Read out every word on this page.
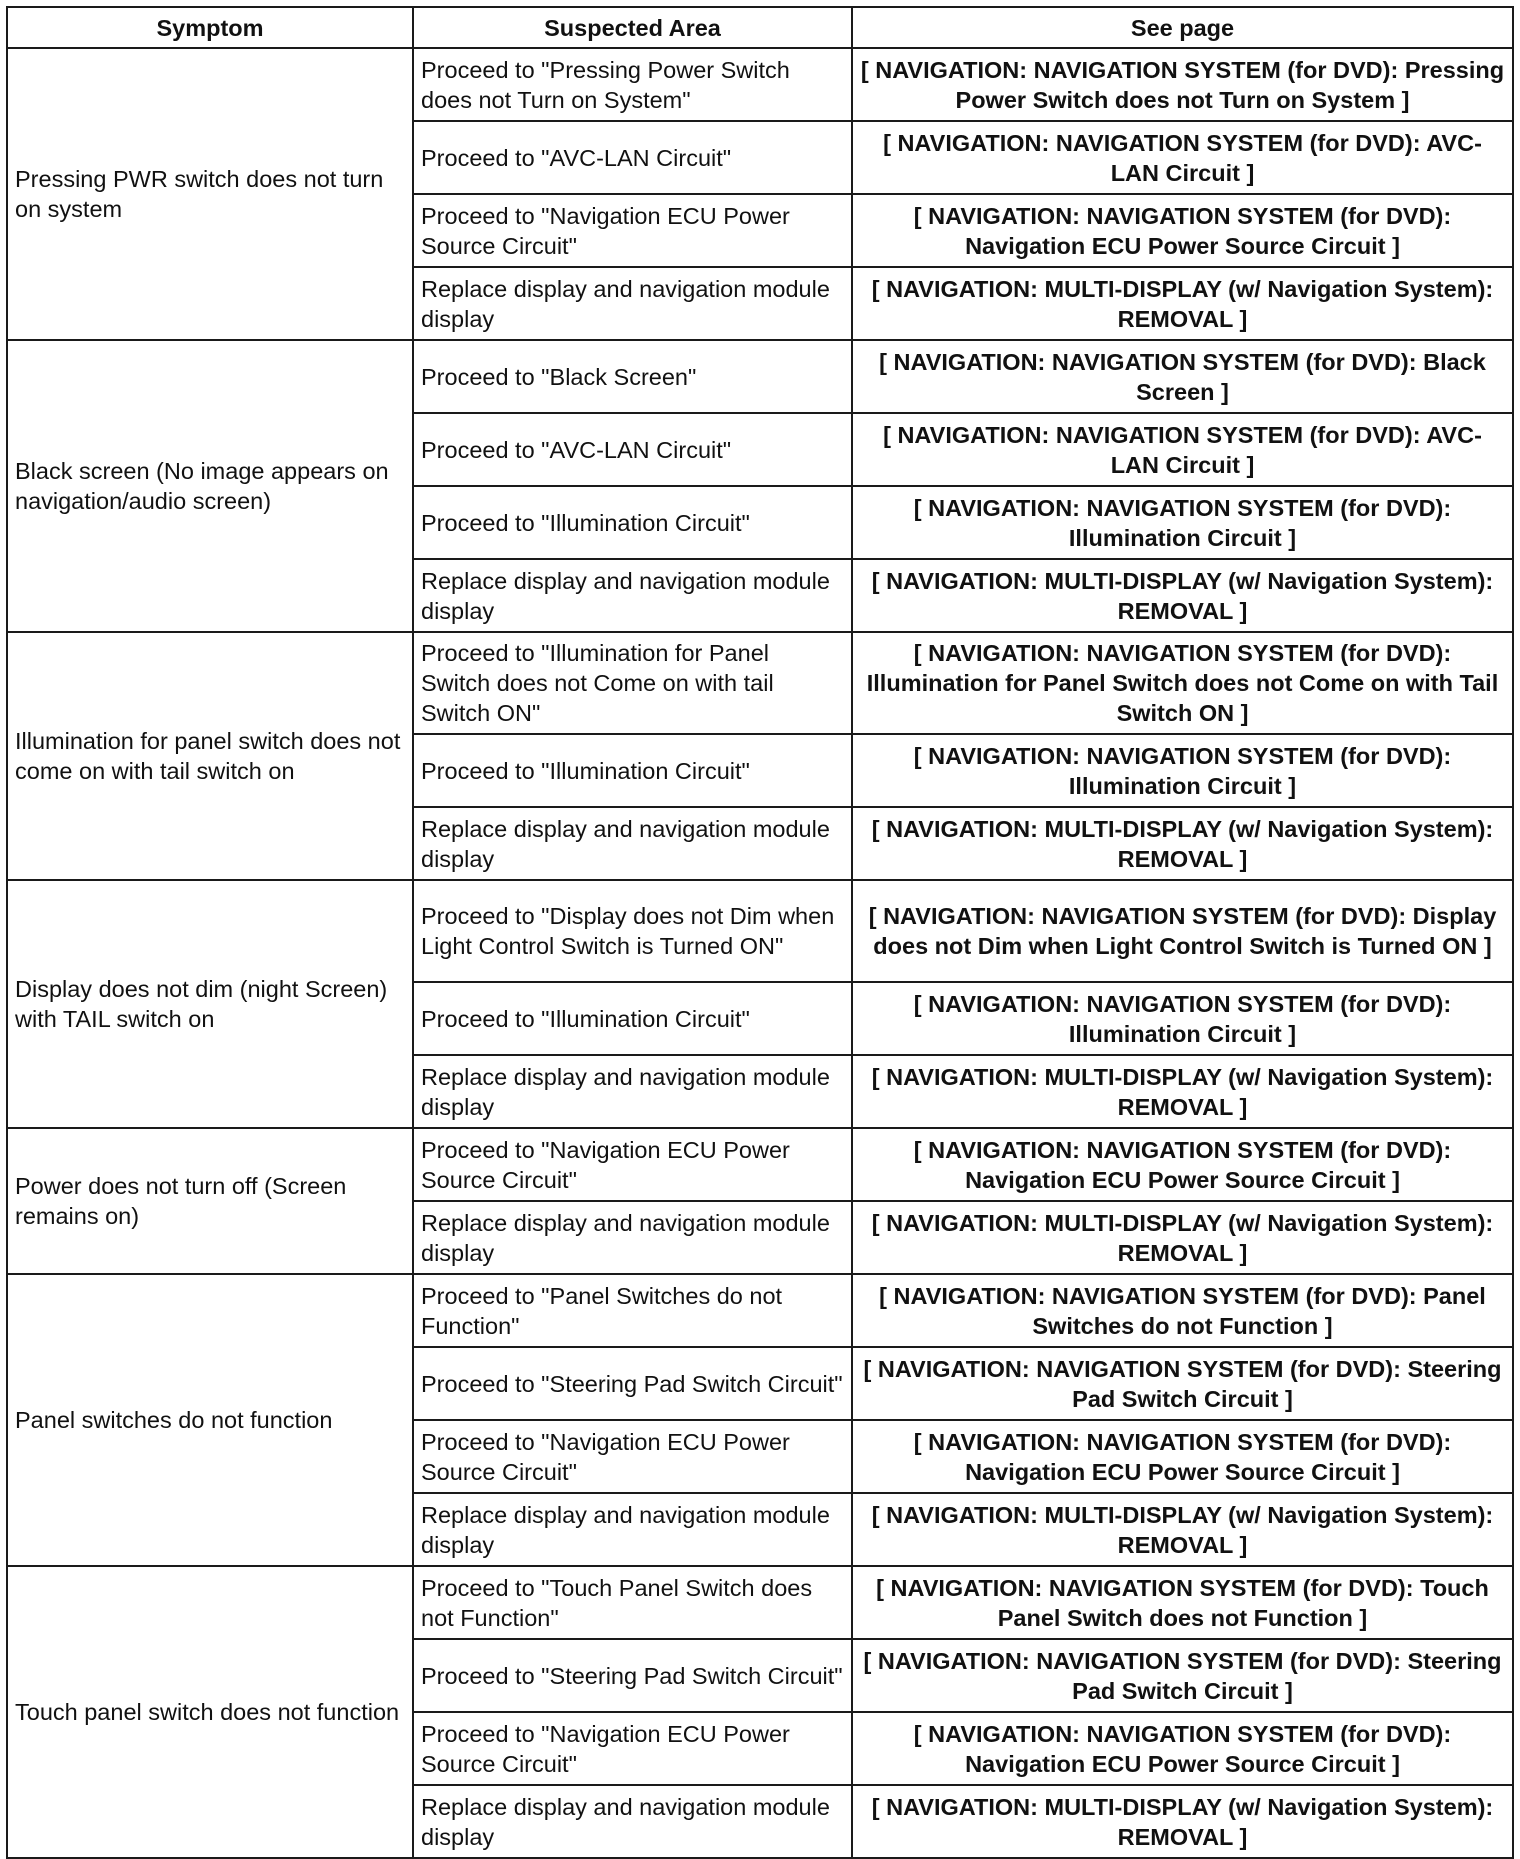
Symptom	Suspected Area	See page
Pressing PWR switch does not turn on system	Proceed to "Pressing Power Switch does not Turn on System"	[ NAVIGATION: NAVIGATION SYSTEM (for DVD): Pressing Power Switch does not Turn on System ]
	Proceed to "AVC-LAN Circuit"	[ NAVIGATION: NAVIGATION SYSTEM (for DVD): AVC-LAN Circuit ]
	Proceed to "Navigation ECU Power Source Circuit"	[ NAVIGATION: NAVIGATION SYSTEM (for DVD): Navigation ECU Power Source Circuit ]
	Replace display and navigation module display	[ NAVIGATION: MULTI-DISPLAY (w/ Navigation System): REMOVAL ]
Black screen (No image appears on navigation/audio screen)	Proceed to "Black Screen"	[ NAVIGATION: NAVIGATION SYSTEM (for DVD): Black Screen ]
	Proceed to "AVC-LAN Circuit"	[ NAVIGATION: NAVIGATION SYSTEM (for DVD): AVC-LAN Circuit ]
	Proceed to "Illumination Circuit"	[ NAVIGATION: NAVIGATION SYSTEM (for DVD): Illumination Circuit ]
	Replace display and navigation module display	[ NAVIGATION: MULTI-DISPLAY (w/ Navigation System): REMOVAL ]
Illumination for panel switch does not come on with tail switch on	Proceed to "Illumination for Panel Switch does not Come on with tail Switch ON"	[ NAVIGATION: NAVIGATION SYSTEM (for DVD): Illumination for Panel Switch does not Come on with Tail Switch ON ]
	Proceed to "Illumination Circuit"	[ NAVIGATION: NAVIGATION SYSTEM (for DVD): Illumination Circuit ]
	Replace display and navigation module display	[ NAVIGATION: MULTI-DISPLAY (w/ Navigation System): REMOVAL ]
Display does not dim (night Screen) with TAIL switch on	Proceed to "Display does not Dim when Light Control Switch is Turned ON"	[ NAVIGATION: NAVIGATION SYSTEM (for DVD): Display does not Dim when Light Control Switch is Turned ON ]
	Proceed to "Illumination Circuit"	[ NAVIGATION: NAVIGATION SYSTEM (for DVD): Illumination Circuit ]
	Replace display and navigation module display	[ NAVIGATION: MULTI-DISPLAY (w/ Navigation System): REMOVAL ]
Power does not turn off (Screen remains on)	Proceed to "Navigation ECU Power Source Circuit"	[ NAVIGATION: NAVIGATION SYSTEM (for DVD): Navigation ECU Power Source Circuit ]
	Replace display and navigation module display	[ NAVIGATION: MULTI-DISPLAY (w/ Navigation System): REMOVAL ]
Panel switches do not function	Proceed to "Panel Switches do not Function"	[ NAVIGATION: NAVIGATION SYSTEM (for DVD): Panel Switches do not Function ]
	Proceed to "Steering Pad Switch Circuit"	[ NAVIGATION: NAVIGATION SYSTEM (for DVD): Steering Pad Switch Circuit ]
	Proceed to "Navigation ECU Power Source Circuit"	[ NAVIGATION: NAVIGATION SYSTEM (for DVD): Navigation ECU Power Source Circuit ]
	Replace display and navigation module display	[ NAVIGATION: MULTI-DISPLAY (w/ Navigation System): REMOVAL ]
Touch panel switch does not function	Proceed to "Touch Panel Switch does not Function"	[ NAVIGATION: NAVIGATION SYSTEM (for DVD): Touch Panel Switch does not Function ]
	Proceed to "Steering Pad Switch Circuit"	[ NAVIGATION: NAVIGATION SYSTEM (for DVD): Steering Pad Switch Circuit ]
	Proceed to "Navigation ECU Power Source Circuit"	[ NAVIGATION: NAVIGATION SYSTEM (for DVD): Navigation ECU Power Source Circuit ]
	Replace display and navigation module display	[ NAVIGATION: MULTI-DISPLAY (w/ Navigation System): REMOVAL ]
